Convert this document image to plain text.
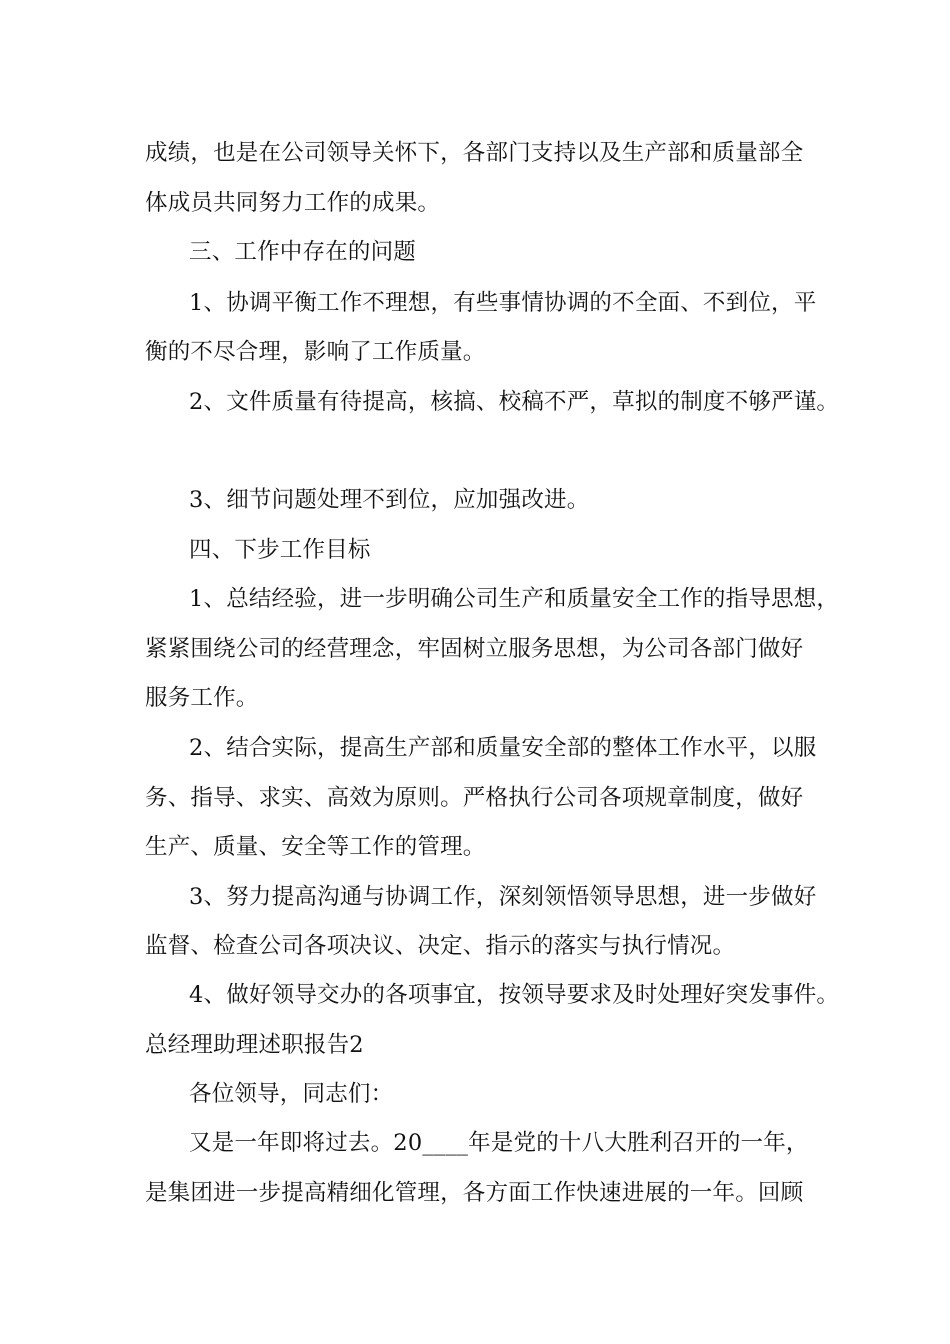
成绩，也是在公司领导关怀下，各部门支持以及生产部和质量部全
体成员共同努力工作的成果。
三、工作中存在的问题
1、协调平衡工作不理想，有些事情协调的不全面、不到位，平
衡的不尽合理，影响了工作质量。
2、文件质量有待提高，核搞、校稿不严，草拟的制度不够严谨。
3、细节问题处理不到位，应加强改进。
四、下步工作目标
1、总结经验，进一步明确公司生产和质量安全工作的指导思想，
紧紧围绕公司的经营理念，牢固树立服务思想，为公司各部门做好
服务工作。
2、结合实际，提高生产部和质量安全部的整体工作水平，以服
务、指导、求实、高效为原则。严格执行公司各项规章制度，做好
生产、质量、安全等工作的管理。
3、努力提高沟通与协调工作，深刻领悟领导思想，进一步做好
监督、检查公司各项决议、决定、指示的落实与执行情况。
4、做好领导交办的各项事宜，按领导要求及时处理好突发事件。
总经理助理述职报告2
各位领导，同志们：
又是一年即将过去。20____年是党的十八大胜利召开的一年，
是集团进一步提高精细化管理，各方面工作快速进展的一年。回顾
